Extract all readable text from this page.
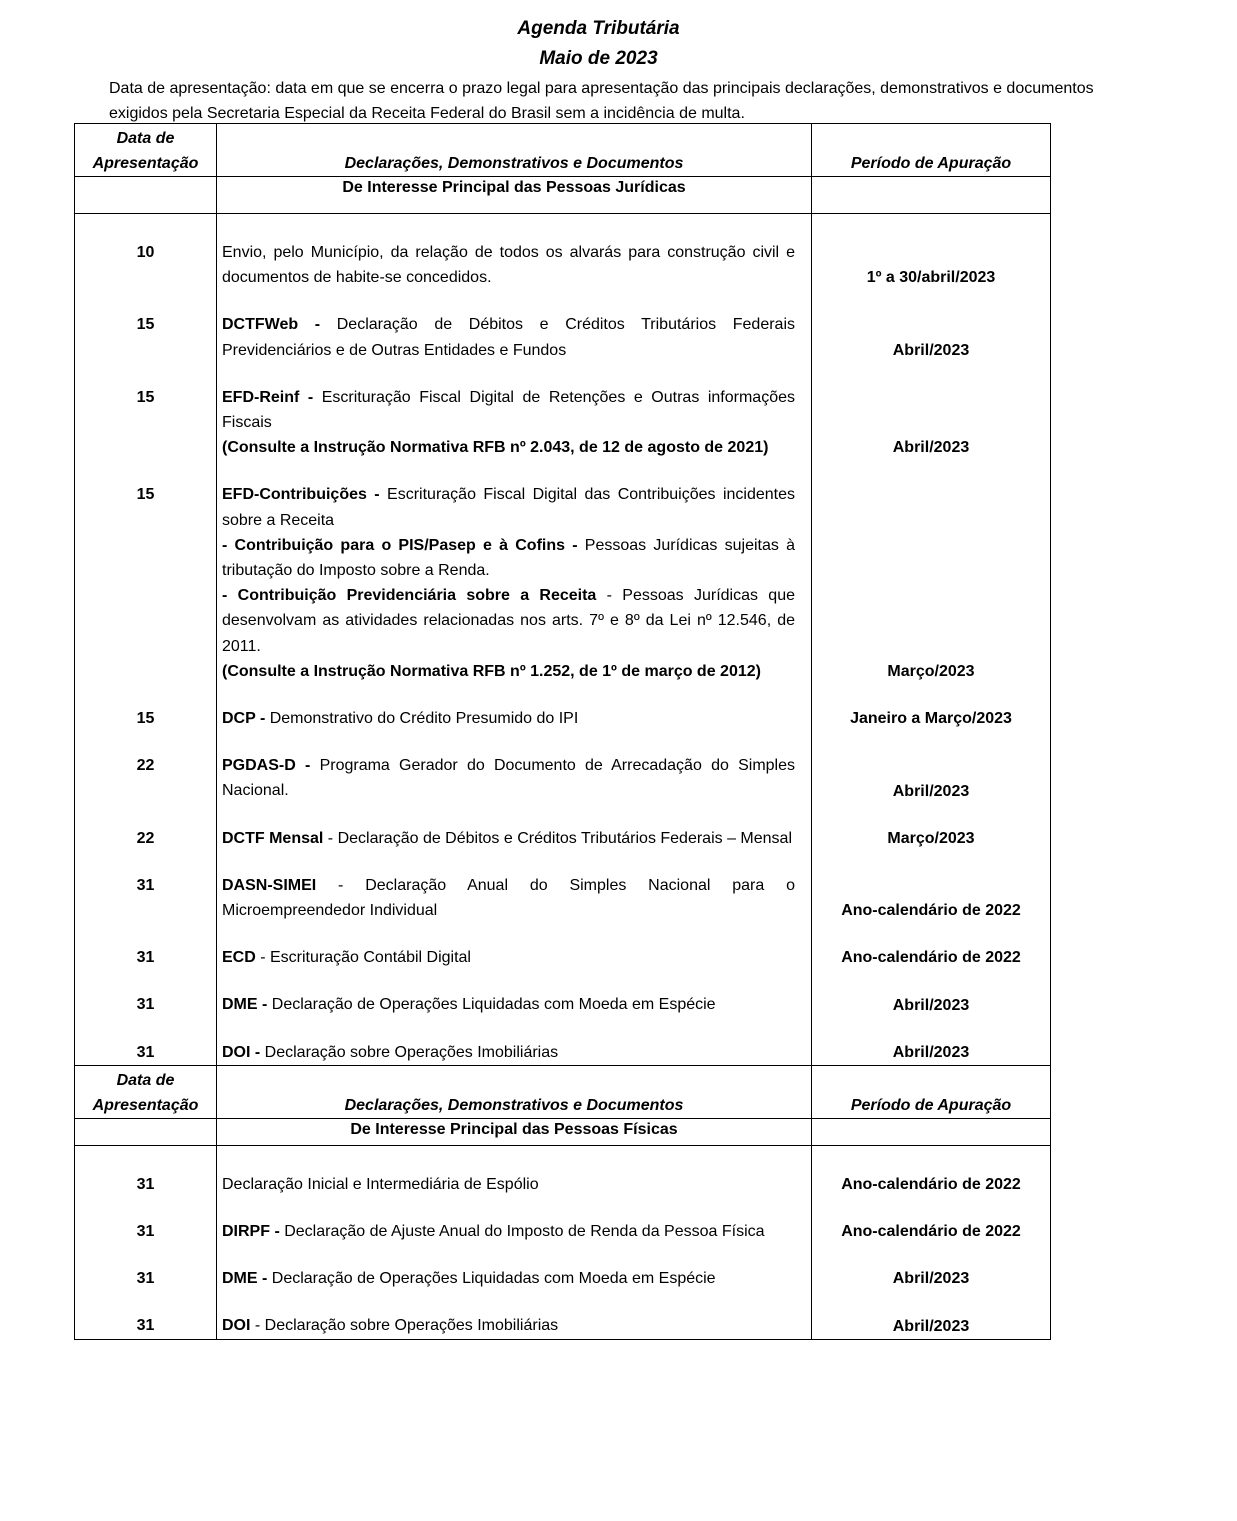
Agenda Tributária
Maio de 2023
Data de apresentação: data em que se encerra o prazo legal para apresentação das principais declarações, demonstrativos e documentos exigidos pela Secretaria Especial da Receita Federal do Brasil sem a incidência de multa.
Data de Apresentação	Declarações, Demonstrativos e Documentos	Período de Apuração
	De Interesse Principal das Pessoas Jurídicas	
10	Envio, pelo Município, da relação de todos os alvarás para construção civil e documentos de habite-se concedidos.	1º a 30/abril/2023
15	DCTFWeb - Declaração de Débitos e Créditos Tributários Federais Previdenciários e de Outras Entidades e Fundos	Abril/2023
15	EFD-Reinf - Escrituração Fiscal Digital de Retenções e Outras informações Fiscais
(Consulte a Instrução Normativa RFB nº 2.043, de 12 de agosto de 2021)	Abril/2023
15	EFD-Contribuições - Escrituração Fiscal Digital das Contribuições incidentes sobre a Receita
- Contribuição para o PIS/Pasep e à Cofins - Pessoas Jurídicas sujeitas à tributação do Imposto sobre a Renda.
- Contribuição Previdenciária sobre a Receita - Pessoas Jurídicas que desenvolvam as atividades relacionadas nos arts. 7º e 8º da Lei nº 12.546, de 2011.
(Consulte a Instrução Normativa RFB nº 1.252, de 1º de março de 2012)	Março/2023
15	DCP - Demonstrativo do Crédito Presumido do IPI	Janeiro a Março/2023
22	PGDAS-D - Programa Gerador do Documento de Arrecadação do Simples Nacional.	Abril/2023
22	DCTF Mensal - Declaração de Débitos e Créditos Tributários Federais – Mensal	Março/2023
31	DASN-SIMEI - Declaração Anual do Simples Nacional para o Microempreendedor Individual	Ano-calendário de 2022
31	ECD - Escrituração Contábil Digital	Ano-calendário de 2022
31	DME - Declaração de Operações Liquidadas com Moeda em Espécie	Abril/2023
31	DOI - Declaração sobre Operações Imobiliárias	Abril/2023
Data de Apresentação	Declarações, Demonstrativos e Documentos	Período de Apuração
	De Interesse Principal das Pessoas Físicas	
31	Declaração Inicial e Intermediária de Espólio	Ano-calendário de 2022
31	DIRPF - Declaração de Ajuste Anual do Imposto de Renda da Pessoa Física	Ano-calendário de 2022
31	DME - Declaração de Operações Liquidadas com Moeda em Espécie	Abril/2023
31	DOI - Declaração sobre Operações Imobiliárias	Abril/2023
